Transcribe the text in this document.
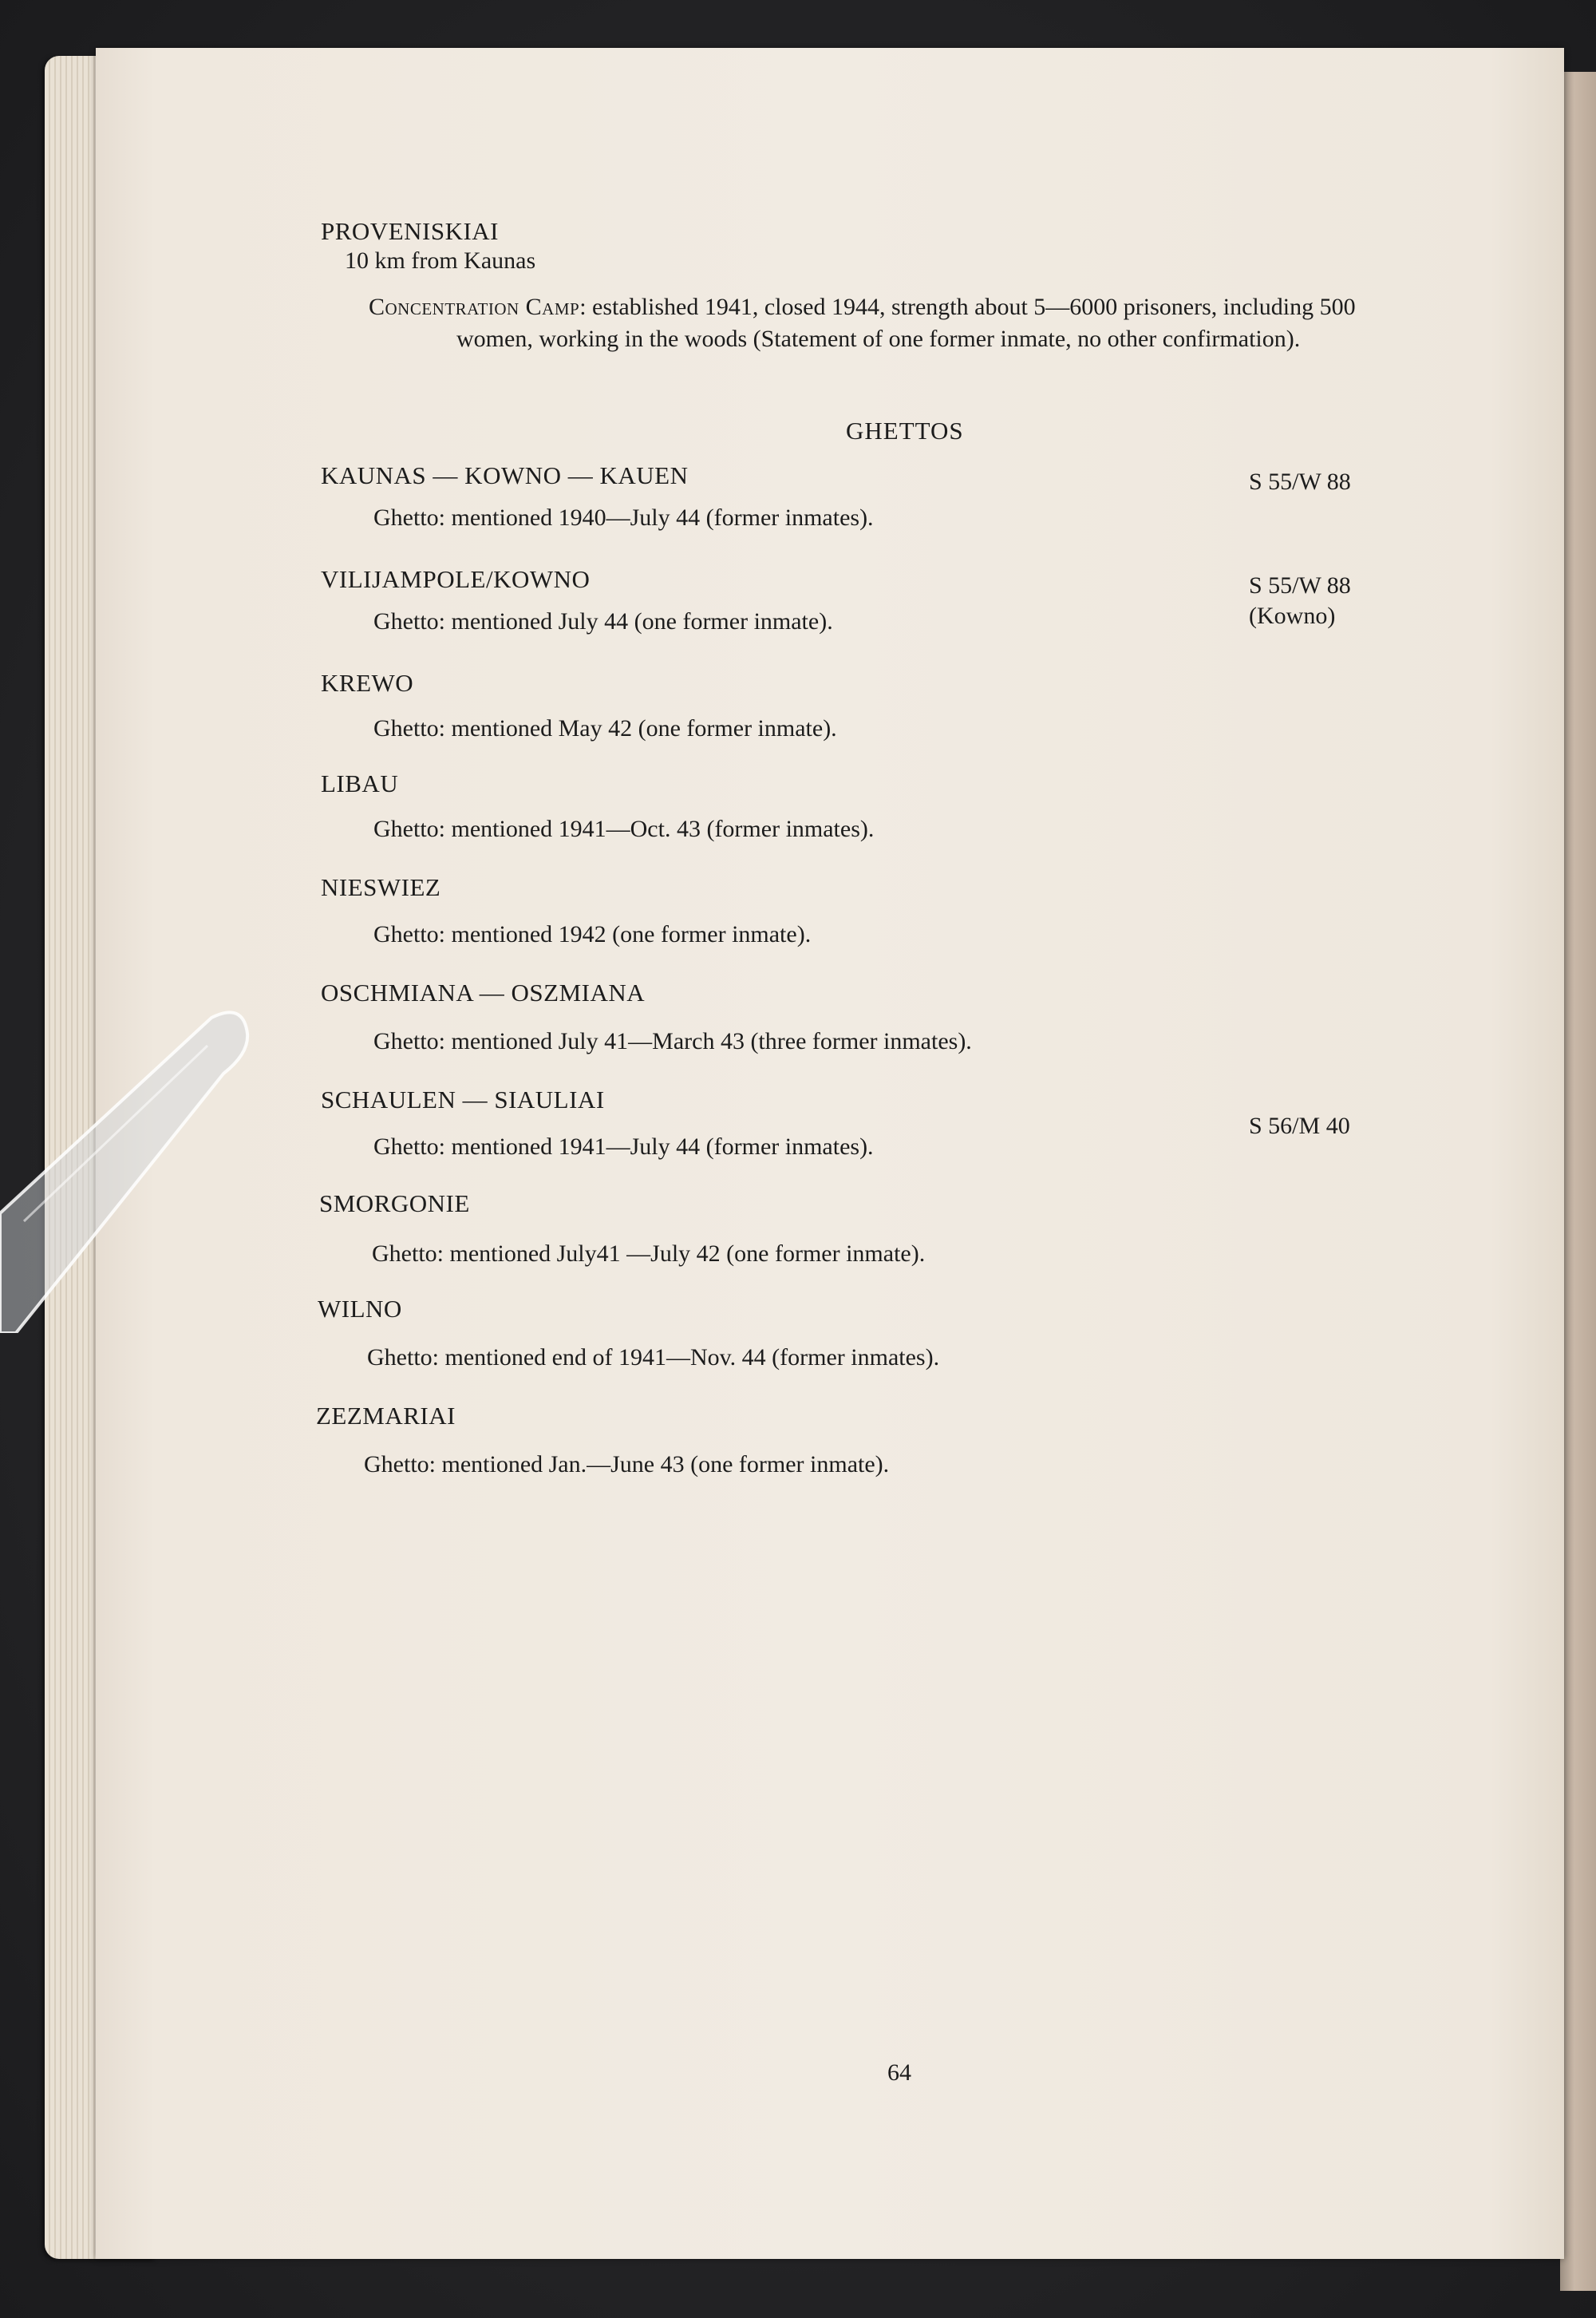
PROVENISKIAI
10 km from Kaunas
Concentration Camp: established 1941, closed 1944, strength about 5—6000 prisoners, including 500
women, working in the woods (Statement of one former inmate, no other confirmation).
GHETTOS
KAUNAS — KOWNO — KAUEN
Ghetto: mentioned 1940—July 44 (former inmates).
S 55/W 88
VILIJAMPOLE/KOWNO
Ghetto: mentioned July 44 (one former inmate).
S 55/W 88
(Kowno)
KREWO
Ghetto: mentioned May 42 (one former inmate).
LIBAU
Ghetto: mentioned 1941—Oct. 43 (former inmates).
NIESWIEZ
Ghetto: mentioned 1942 (one former inmate).
OSCHMIANA — OSZMIANA
Ghetto: mentioned July 41—March 43 (three former inmates).
SCHAULEN — SIAULIAI
Ghetto: mentioned 1941—July 44 (former inmates).
S 56/M 40
SMORGONIE
Ghetto: mentioned July41 —July 42 (one former inmate).
WILNO
Ghetto: mentioned end of 1941—Nov. 44 (former inmates).
ZEZMARIAI
Ghetto: mentioned Jan.—June 43 (one former inmate).
64
